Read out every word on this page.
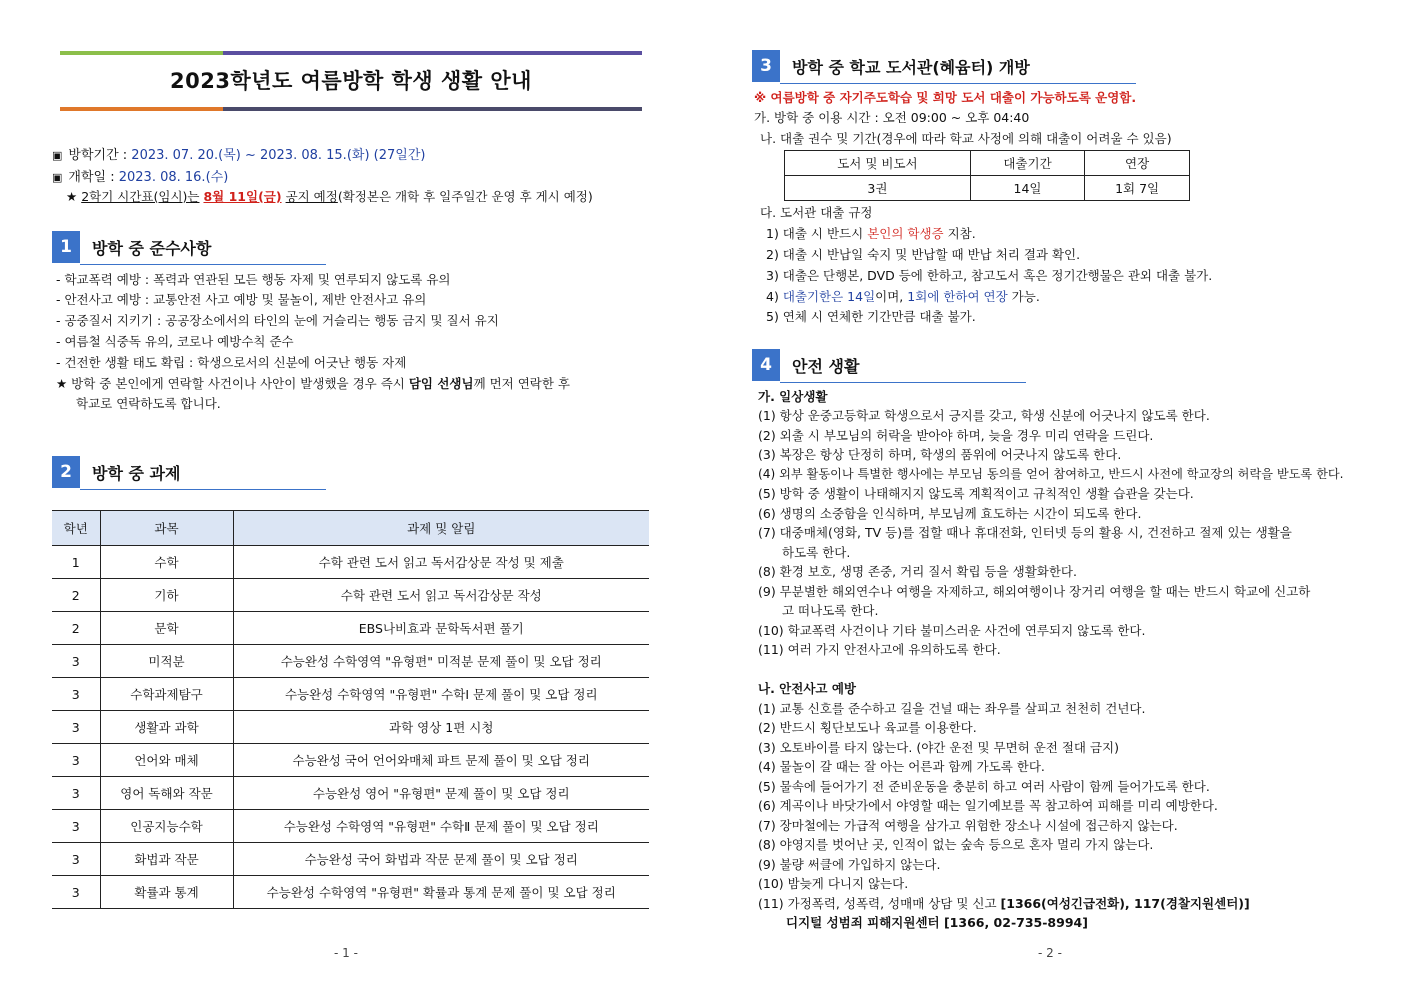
2023학년도 여름방학 학생 생활 안내
▣ 방학기간 : 2023. 07. 20.(목) ~ 2023. 08. 15.(화) (27일간)
▣ 개학일 : 2023. 08. 16.(수)
★ 2학기 시간표(임시)는 8월 11일(금) 공지 예정(확정본은 개학 후 일주일간 운영 후 게시 예정)
1	방학 중 준수사항
- 학교폭력 예방 : 폭력과 연관된 모든 행동 자제 및 연루되지 않도록 유의
- 안전사고 예방 : 교통안전 사고 예방 및 물놀이, 제반 안전사고 유의
- 공중질서 지키기 : 공공장소에서의 타인의 눈에 거슬리는 행동 금지 및 질서 유지
- 여름철 식중독 유의, 코로나 예방수칙 준수
- 건전한 생활 태도 확립 : 학생으로서의 신분에 어긋난 행동 자제
★ 방학 중 본인에게 연락할 사건이나 사안이 발생했을 경우 즉시 담임 선생님께 먼저 연락한 후
학교로 연락하도록 합니다.
2	방학 중 과제
학년	과목	과제 및 알림
1	수학	수학 관련 도서 읽고 독서감상문 작성 및 제출
2	기하	수학 관련 도서 읽고 독서감상문 작성
2	문학	EBS나비효과 문학독서편 풀기
3	미적분	수능완성 수학영역 "유형편" 미적분 문제 풀이 및 오답 정리
3	수학과제탐구	수능완성 수학영역 "유형편" 수학Ⅰ 문제 풀이 및 오답 정리
3	생활과 과학	과학 영상 1편 시청
3	언어와 매체	수능완성 국어 언어와매체 파트 문제 풀이 및 오답 정리
3	영어 독해와 작문	수능완성 영어 "유형편" 문제 풀이 및 오답 정리
3	인공지능수학	수능완성 수학영역 "유형편" 수학Ⅱ 문제 풀이 및 오답 정리
3	화법과 작문	수능완성 국어 화법과 작문 문제 풀이 및 오답 정리
3	확률과 통계	수능완성 수학영역 "유형편" 확률과 통계 문제 풀이 및 오답 정리
- 1 -
3	방학 중 학교 도서관(혜윰터) 개방
※ 여름방학 중 자기주도학습 및 희망 도서 대출이 가능하도록 운영함.
가. 방학 중 이용 시간 : 오전 09:00 ~ 오후 04:40
나. 대출 권수 및 기간(경우에 따라 학교 사정에 의해 대출이 어려울 수 있음)
도서 및 비도서	대출기간	연장
3권	14일	1회 7일
다. 도서관 대출 규정
1) 대출 시 반드시 본인의 학생증 지참.
2) 대출 시 반납일 숙지 및 반납할 때 반납 처리 결과 확인.
3) 대출은 단행본, DVD 등에 한하고, 참고도서 혹은 정기간행물은 관외 대출 불가.
4) 대출기한은 14일이며, 1회에 한하여 연장 가능.
5) 연체 시 연체한 기간만큼 대출 불가.
4	안전 생활
가. 일상생활
(1) 항상 운중고등학교 학생으로서 긍지를 갖고, 학생 신분에 어긋나지 않도록 한다.
(2) 외출 시 부모님의 허락을 받아야 하며, 늦을 경우 미리 연락을 드린다.
(3) 복장은 항상 단정히 하며, 학생의 품위에 어긋나지 않도록 한다.
(4) 외부 활동이나 특별한 행사에는 부모님 동의를 얻어 참여하고, 반드시 사전에 학교장의 허락을 받도록 한다.
(5) 방학 중 생활이 나태해지지 않도록 계획적이고 규칙적인 생활 습관을 갖는다.
(6) 생명의 소중함을 인식하며, 부모님께 효도하는 시간이 되도록 한다.
(7) 대중매체(영화, TV 등)를 접할 때나 휴대전화, 인터넷 등의 활용 시, 건전하고 절제 있는 생활을
하도록 한다.
(8) 환경 보호, 생명 존중, 거리 질서 확립 등을 생활화한다.
(9) 무분별한 해외연수나 여행을 자제하고, 해외여행이나 장거리 여행을 할 때는 반드시 학교에 신고하
고 떠나도록 한다.
(10) 학교폭력 사건이나 기타 불미스러운 사건에 연루되지 않도록 한다.
(11) 여러 가지 안전사고에 유의하도록 한다.
나. 안전사고 예방
(1) 교통 신호를 준수하고 길을 건널 때는 좌우를 살피고 천천히 건넌다.
(2) 반드시 횡단보도나 육교를 이용한다.
(3) 오토바이를 타지 않는다. (야간 운전 및 무면허 운전 절대 금지)
(4) 물놀이 갈 때는 잘 아는 어른과 함께 가도록 한다.
(5) 물속에 들어가기 전 준비운동을 충분히 하고 여러 사람이 함께 들어가도록 한다.
(6) 계곡이나 바닷가에서 야영할 때는 일기예보를 꼭 참고하여 피해를 미리 예방한다.
(7) 장마철에는 가급적 여행을 삼가고 위험한 장소나 시설에 접근하지 않는다.
(8) 야영지를 벗어난 곳, 인적이 없는 숲속 등으로 혼자 멀리 가지 않는다.
(9) 불량 써클에 가입하지 않는다.
(10) 밤늦게 다니지 않는다.
(11) 가정폭력, 성폭력, 성매매 상담 및 신고 [1366(여성긴급전화), 117(경찰지원센터)]
디지털 성범죄 피해지원센터 [1366, 02-735-8994]
- 2 -
